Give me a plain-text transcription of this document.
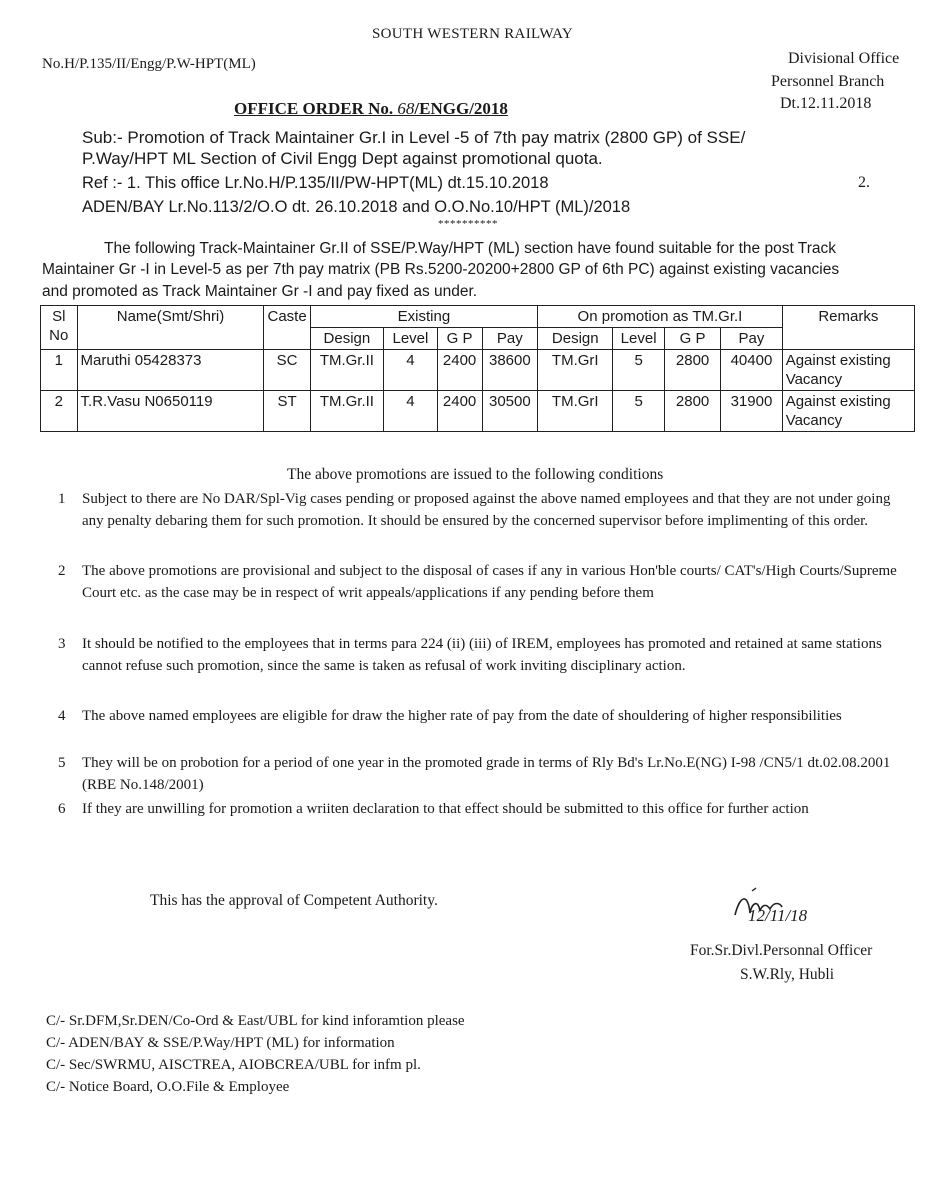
SOUTH WESTERN RAILWAY
No.H/P.135/II/Engg/P.W-HPT(ML)	Divisional Office
Personnel Branch
Dt.12.11.2018
OFFICE ORDER No. 68/ENGG/2018
Sub:- Promotion of Track Maintainer Gr.I in Level -5 of 7th pay matrix (2800 GP) of SSE/
P.Way/HPT ML Section of Civil Engg Dept against promotional quota.
Ref :- 1. This office Lr.No.H/P.135/II/PW-HPT(ML) dt.15.10.2018	2.
ADEN/BAY Lr.No.113/2/O.O dt. 26.10.2018 and O.O.No.10/HPT (ML)/2018
**********
The following Track-Maintainer Gr.II of SSE/P.Way/HPT (ML) section have found suitable for the post Track
Maintainer Gr -I in Level-5 as per 7th pay matrix (PB Rs.5200-20200+2800 GP of 6th PC) against existing vacancies
and promoted as Track Maintainer Gr -I and pay fixed as under.
Sl No	Name(Smt/Shri)	Caste	Existing				On promotion as TM.Gr.I				Remarks
			Design	Level	G P	Pay	Design	Level	G P	Pay	
1	Maruthi 05428373	SC	TM.Gr.II	4	2400	38600	TM.GrI	5	2800	40400	Against existing Vacancy
2	T.R.Vasu N0650119	ST	TM.Gr.II	4	2400	30500	TM.GrI	5	2800	31900	Against existing Vacancy
The above promotions are issued to the following conditions
1 Subject to there are No DAR/Spl-Vig cases pending or proposed against the above named employees and that they are not under going any penalty debaring them for such promotion. It should be ensured by the concerned supervisor before implimenting of this order.
2 The above promotions are provisional and subject to the disposal of cases if any in various Hon'ble courts/ CAT's/High Courts/Supreme Court etc. as the case may be in respect of writ appeals/applications if any pending before them
3 It should be notified to the employees that in terms para 224 (ii) (iii) of IREM, employees has promoted and retained at same stations cannot refuse such promotion, since the same is taken as refusal of work inviting disciplinary action.
4 The above named employees are eligible for draw the higher rate of pay from the date of shouldering of higher responsibilities
5 They will be on probotion for a period of one year in the promoted grade in terms of Rly Bd's Lr.No.E(NG) I-98 /CN5/1 dt.02.08.2001 (RBE No.148/2001)
6 If they are unwilling for promotion a wriiten declaration to that effect should be submitted to this office for further action
This has the approval of Competent Authority.
12/11/18
For.Sr.Divl.Personnal Officer
S.W.Rly, Hubli
C/- Sr.DFM,Sr.DEN/Co-Ord & East/UBL for kind inforamtion please
C/- ADEN/BAY & SSE/P.Way/HPT (ML) for information
C/- Sec/SWRMU, AISCTREA, AIOBCREA/UBL for infm pl.
C/- Notice Board, O.O.File & Employee
